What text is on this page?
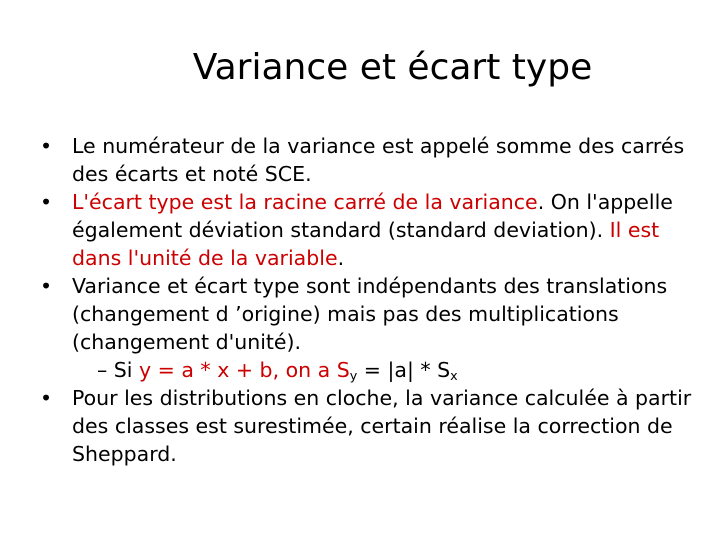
Variance et écart type
• Le numérateur de la variance est appelé somme des carrés des écarts et noté SCE.
• L'écart type est la racine carré de la variance. On l'appelle également déviation standard (standard deviation). Il est dans l'unité de la variable.
• Variance et écart type sont indépendants des translations (changement d ’origine) mais pas des multiplications (changement d'unité).
– Si y = a * x + b, on a $S_y = |a| * S_x$
• Pour les distributions en cloche, la variance calculée à partir des classes est surestimée, certain réalise la correction de Sheppard.
